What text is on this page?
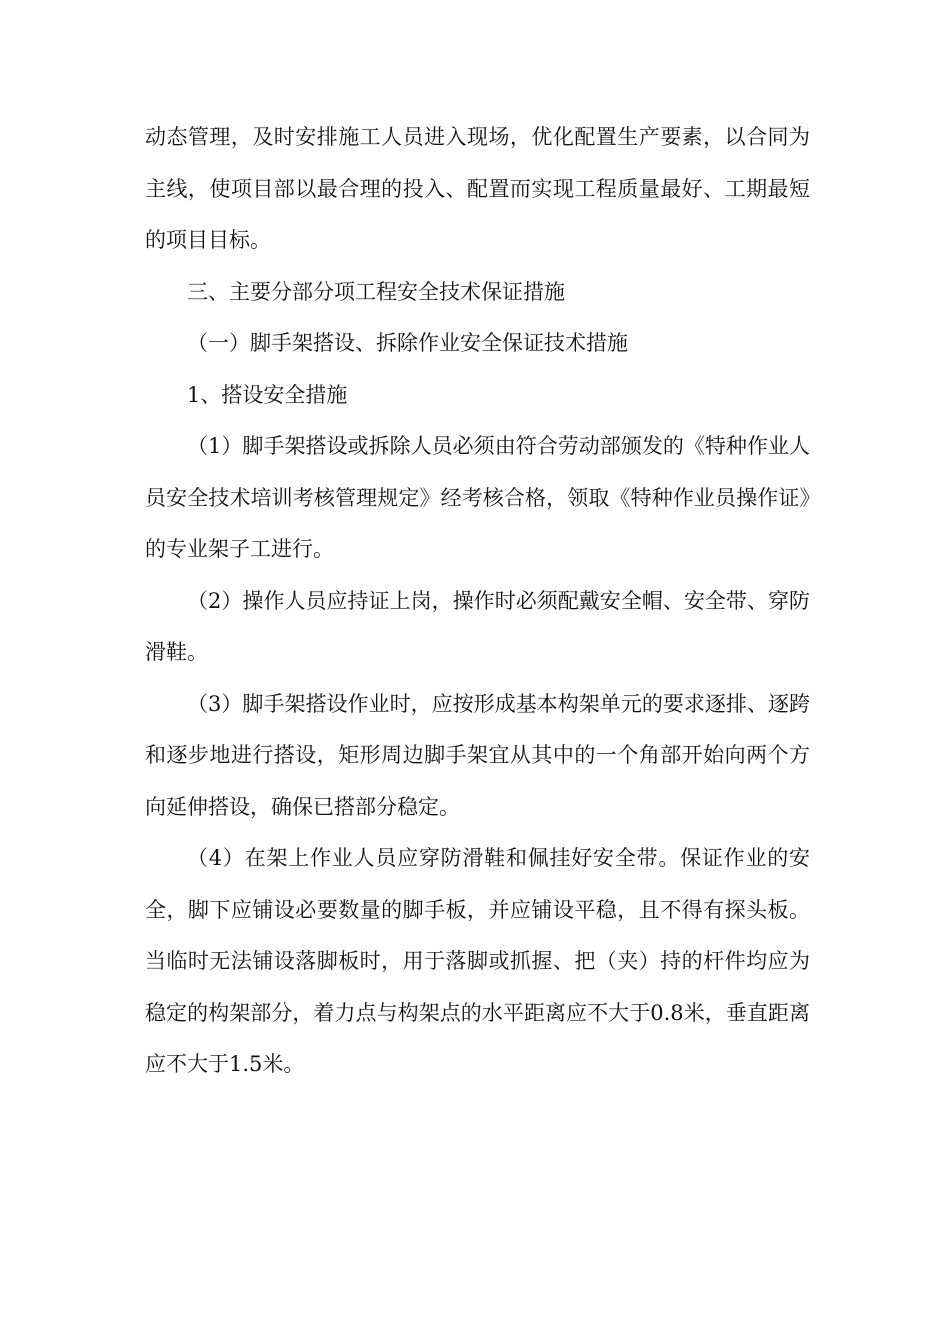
动态管理，及时安排施工人员进入现场，优化配置生产要素，以合同为主线，使项目部以最合理的投入、配置而实现工程质量最好、工期最短的项目目标。

三、主要分部分项工程安全技术保证措施

（一）脚手架搭设、拆除作业安全保证技术措施

1、搭设安全措施

（1）脚手架搭设或拆除人员必须由符合劳动部颁发的《特种作业人员安全技术培训考核管理规定》经考核合格，领取《特种作业员操作证》的专业架子工进行。

（2）操作人员应持证上岗，操作时必须配戴安全帽、安全带、穿防滑鞋。

（3）脚手架搭设作业时，应按形成基本构架单元的要求逐排、逐跨和逐步地进行搭设，矩形周边脚手架宜从其中的一个角部开始向两个方向延伸搭设，确保已搭部分稳定。

（4）在架上作业人员应穿防滑鞋和佩挂好安全带。保证作业的安全，脚下应铺设必要数量的脚手板，并应铺设平稳，且不得有探头板。当临时无法铺设落脚板时，用于落脚或抓握、把（夹）持的杆件均应为稳定的构架部分，着力点与构架点的水平距离应不大于0.8米，垂直距离应不大于1.5米。
